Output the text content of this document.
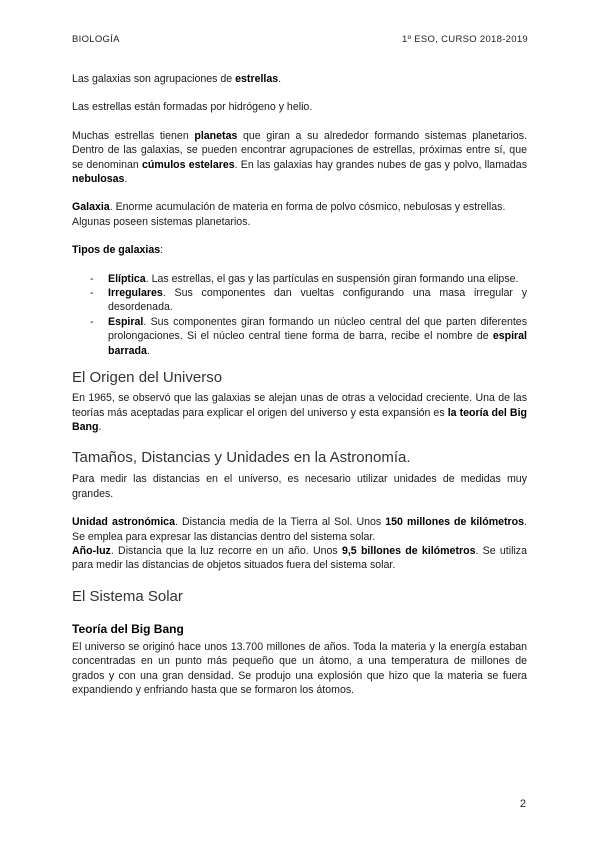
BIOLOGÍA	1º ESO, CURSO 2018-2019

Las galaxias son agrupaciones de estrellas.

Las estrellas están formadas por hidrógeno y helio.

Muchas estrellas tienen planetas que giran a su alrededor formando sistemas planetarios. Dentro de las galaxias, se pueden encontrar agrupaciones de estrellas, próximas entre sí, que se denominan cúmulos estelares. En las galaxias hay grandes nubes de gas y polvo, llamadas nebulosas.

Galaxia. Enorme acumulación de materia en forma de polvo cósmico, nebulosas y estrellas. Algunas poseen sistemas planetarios.

Tipos de galaxias:

- Elíptica. Las estrellas, el gas y las partículas en suspensión giran formando una elipse.
- Irregulares. Sus componentes dan vueltas configurando una masa irregular y desordenada.
- Espiral. Sus componentes giran formando un núcleo central del que parten diferentes prolongaciones. Si el núcleo central tiene forma de barra, recibe el nombre de espiral barrada.
El Origen del Universo

En 1965, se observó que las galaxias se alejan unas de otras a velocidad creciente. Una de las teorías más aceptadas para explicar el origen del universo y esta expansión es la teoría del Big Bang.

Tamaños, Distancias y Unidades en la Astronomía.

Para medir las distancias en el universo, es necesario utilizar unidades de medidas muy grandes.

Unidad astronómica. Distancia media de la Tierra al Sol. Unos 150 millones de kilómetros. Se emplea para expresar las distancias dentro del sistema solar.

Año-luz. Distancia que la luz recorre en un año. Unos 9,5 billones de kilómetros. Se utiliza para medir las distancias de objetos situados fuera del sistema solar.

El Sistema Solar
Teoría del Big Bang

El universo se originó hace unos 13.700 millones de años. Toda la materia y la energía estaban concentradas en un punto más pequeño que un átomo, a una temperatura de millones de grados y con una gran densidad. Se produjo una explosión que hizo que la materia se fuera expandiendo y enfriando hasta que se formaron los átomos.

2
